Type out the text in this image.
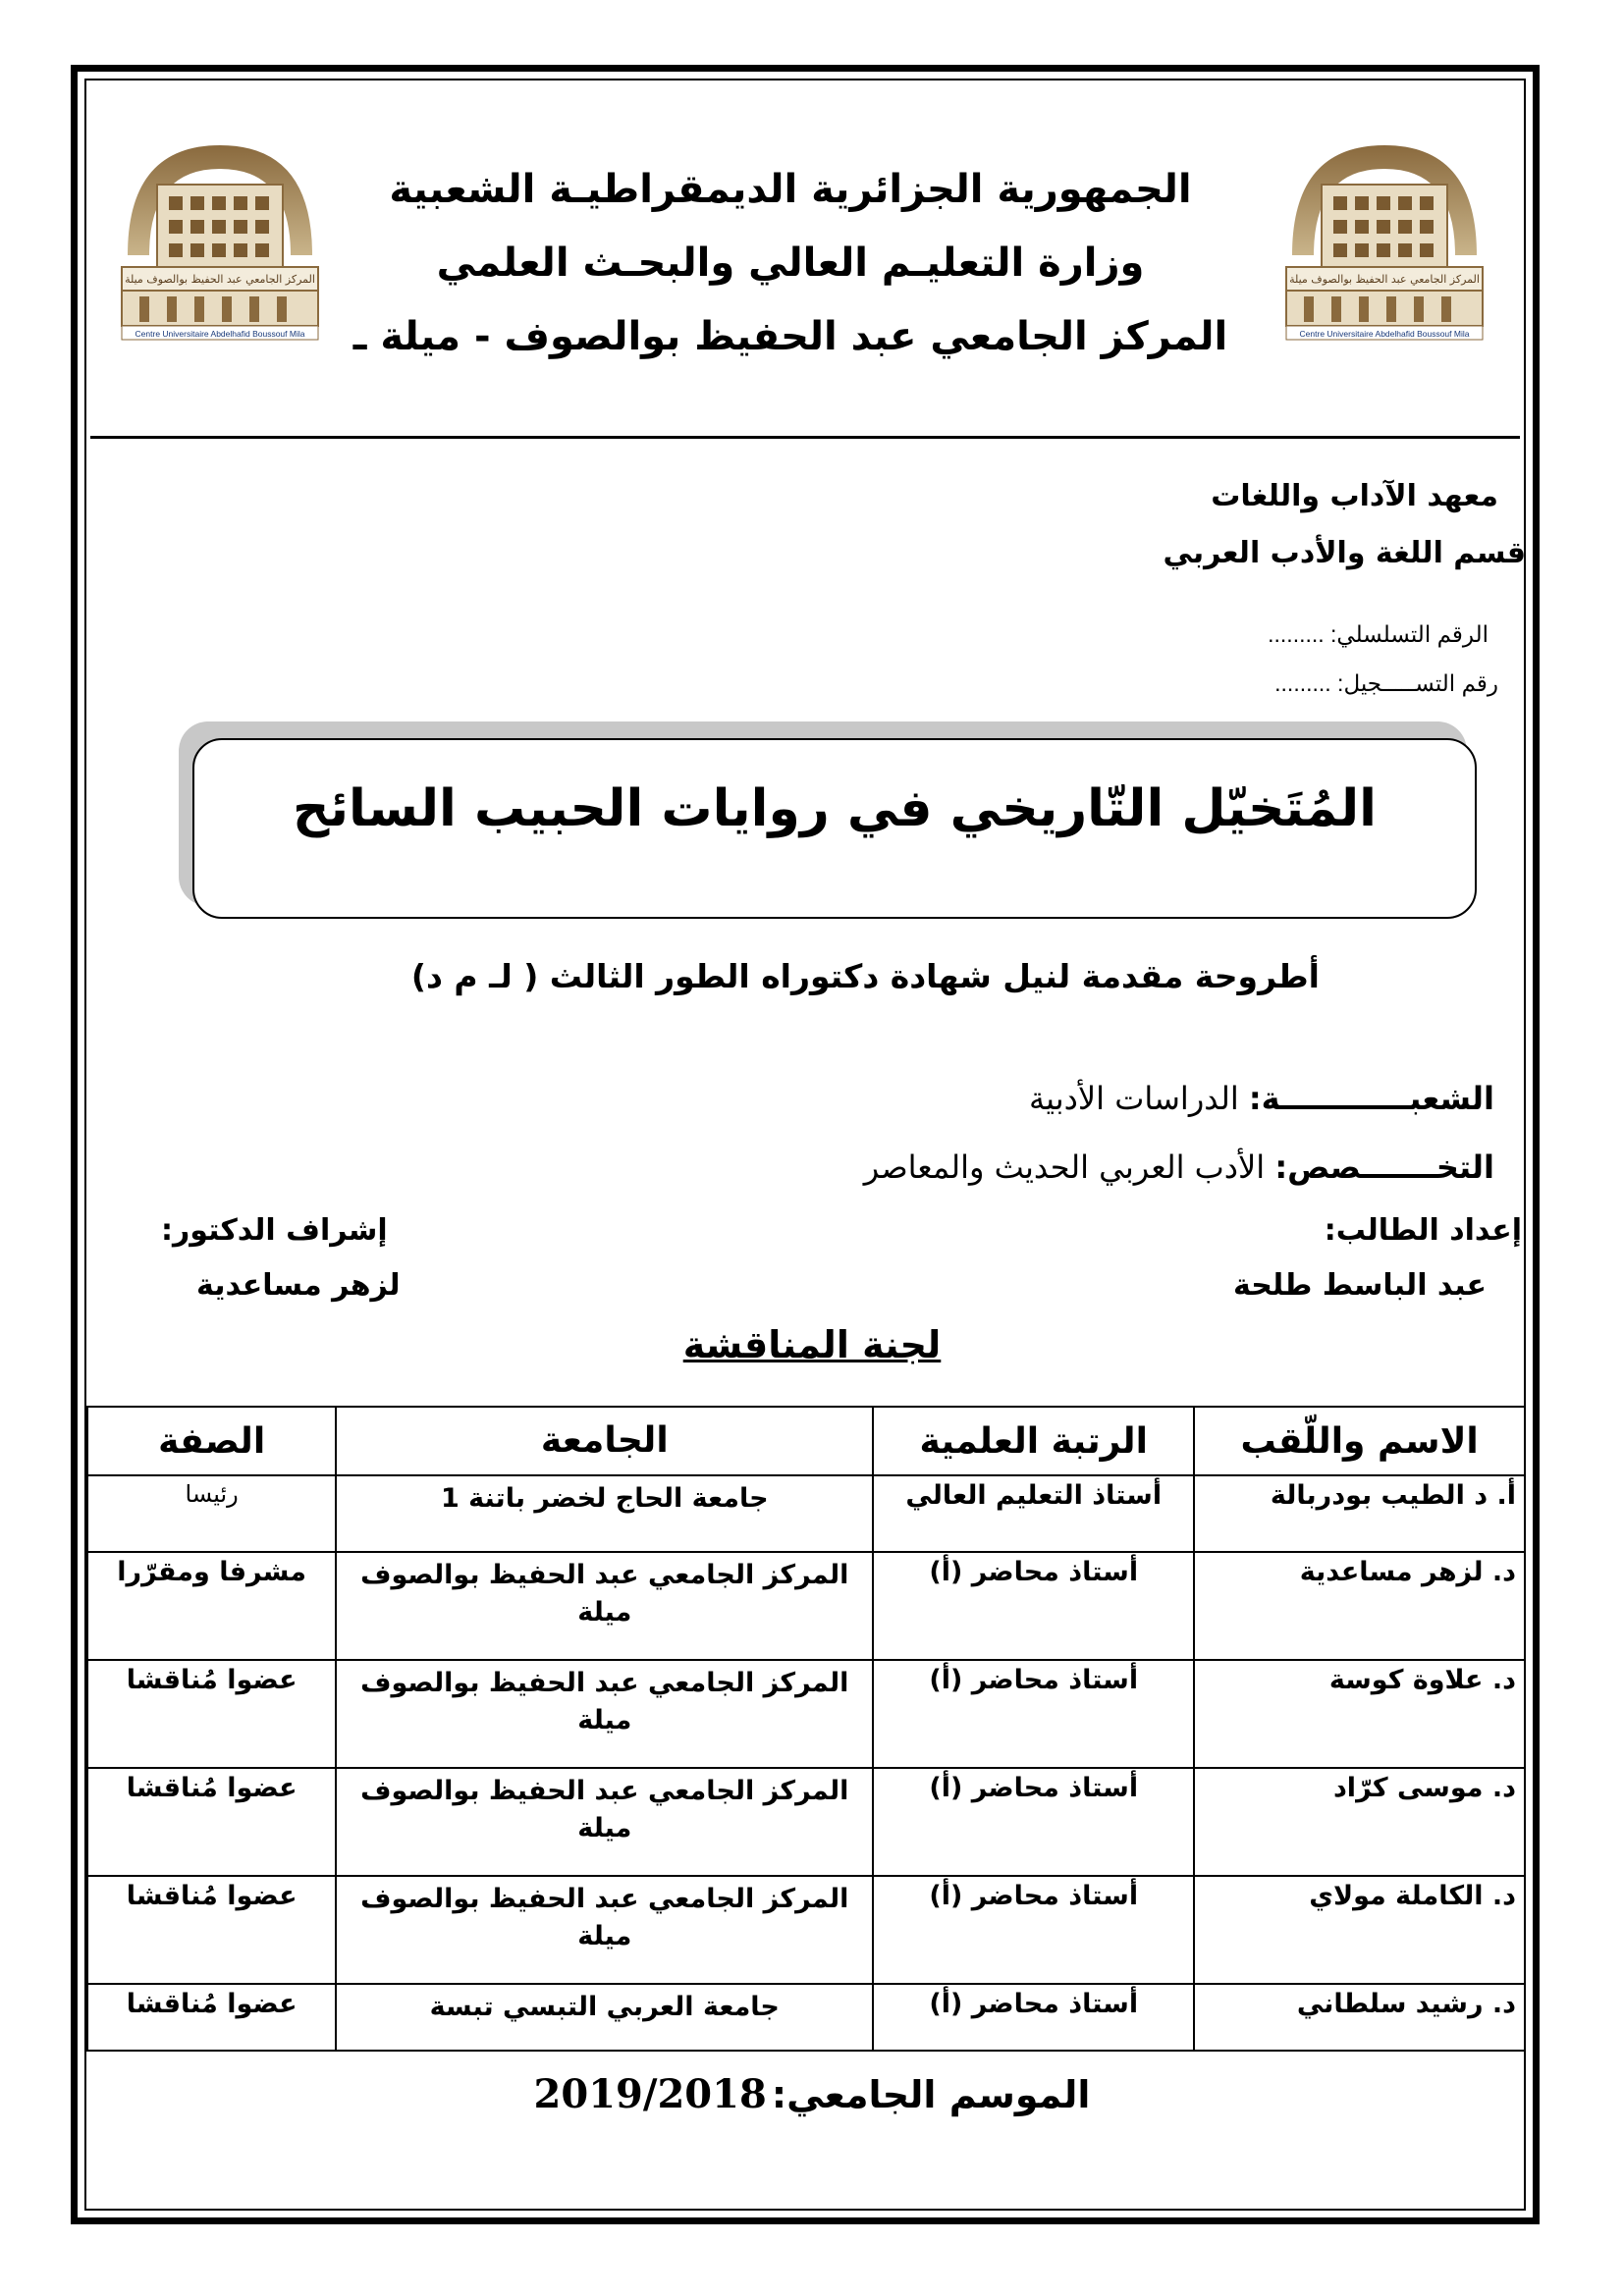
المركز الجامعي عبد الحفيظ بوالصوف ميلة
Centre Universitaire Abdelhafid Boussouf Mila
المركز الجامعي عبد الحفيظ بوالصوف ميلة
Centre Universitaire Abdelhafid Boussouf Mila
الجمهورية الجزائرية الديمقراطيـة الشعبية
وزارة التعليـم العالي والبحـث العلمي
المركز الجامعي عبد الحفيظ بوالصوف - ميلة ـ
معهد الآداب واللغات
قسم اللغة والأدب العربي
الرقم التسلسلي: .........
رقم التســـــجيل: .........
المُتَخيّل التّاريخي في روايات الحبيب السائح
أطروحة مقدمة لنيل شهادة دكتوراه الطور الثالث ( لـ م د)
الشعبــــــــــــة: الدراسات الأدبية
التخـــــــصص: الأدب العربي الحديث والمعاصر
إعداد الطالب:
عبد الباسط طلحة
إشراف الدكتور:
لزهر مساعدية
لجنة المناقشة
الاسم واللّقب	الرتبة العلمية	الجامعة	الصفة
أ. د الطيب بودربالة	أستاذ التعليم العالي	جامعة الحاج لخضر باتنة 1	رئيسا
د. لزهر مساعدية	أستاذ محاضر (أ)	المركز الجامعي عبد الحفيظ بوالصوف ميلة	مشرفا ومقرّرا
د. علاوة كوسة	أستاذ محاضر (أ)	المركز الجامعي عبد الحفيظ بوالصوف ميلة	عضوا مُناقشا
د. موسى كرّاد	أستاذ محاضر (أ)	المركز الجامعي عبد الحفيظ بوالصوف ميلة	عضوا مُناقشا
د. الكاملة مولاي	أستاذ محاضر (أ)	المركز الجامعي عبد الحفيظ بوالصوف ميلة	عضوا مُناقشا
د. رشيد سلطاني	أستاذ محاضر (أ)	جامعة العربي التبسي تبسة	عضوا مُناقشا
الموسم الجامعي: 2019/2018
